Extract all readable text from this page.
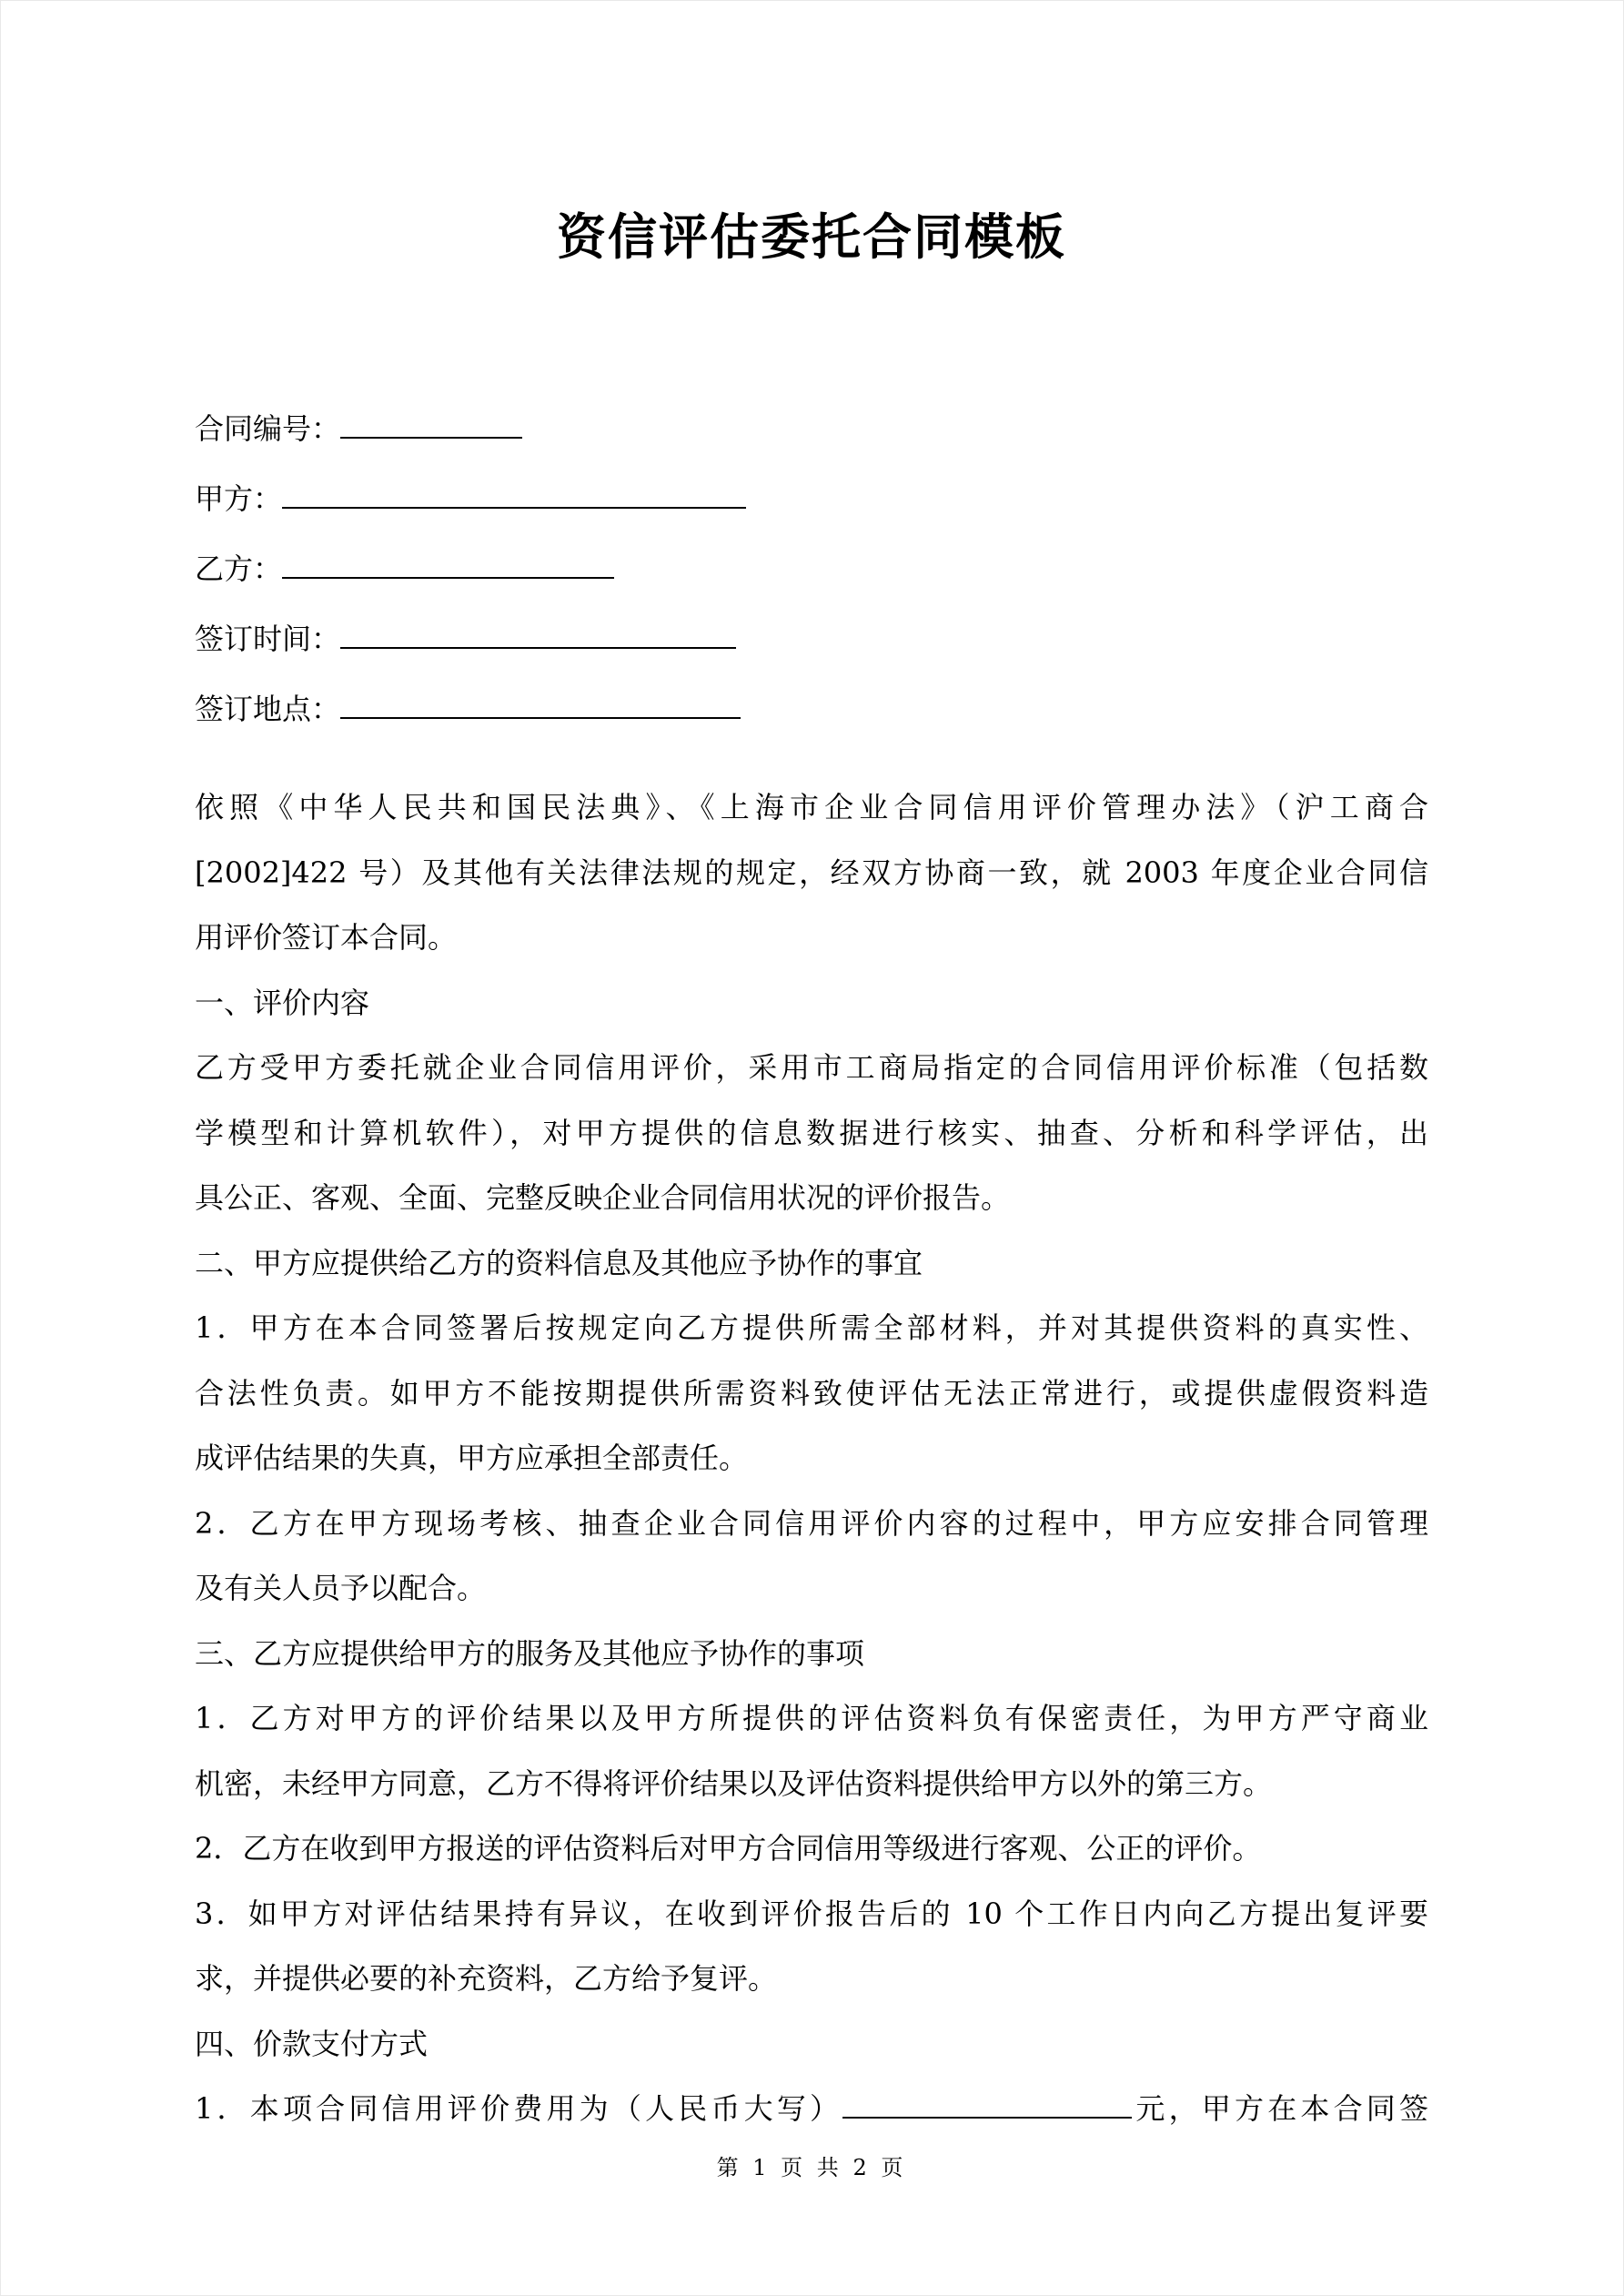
资信评估委托合同模板
合同编号：
甲方：
乙方：
签订时间：
签订地点：
依照《中华人民共和国民法典》、《上海市企业合同信用评价管理办法》（沪工商合
[2002]422 号）及其他有关法律法规的规定，经双方协商一致，就 2003 年度企业合同信
用评价签订本合同。
一、评价内容
乙方受甲方委托就企业合同信用评价，采用市工商局指定的合同信用评价标准（包括数
学模型和计算机软件），对甲方提供的信息数据进行核实、抽查、分析和科学评估，出
具公正、客观、全面、完整反映企业合同信用状况的评价报告。
二、甲方应提供给乙方的资料信息及其他应予协作的事宜
1．甲方在本合同签署后按规定向乙方提供所需全部材料，并对其提供资料的真实性、
合法性负责。如甲方不能按期提供所需资料致使评估无法正常进行，或提供虚假资料造
成评估结果的失真，甲方应承担全部责任。
2．乙方在甲方现场考核、抽查企业合同信用评价内容的过程中，甲方应安排合同管理
及有关人员予以配合。
三、乙方应提供给甲方的服务及其他应予协作的事项
1．乙方对甲方的评价结果以及甲方所提供的评估资料负有保密责任，为甲方严守商业
机密，未经甲方同意，乙方不得将评价结果以及评估资料提供给甲方以外的第三方。
2．乙方在收到甲方报送的评估资料后对甲方合同信用等级进行客观、公正的评价。
3．如甲方对评估结果持有异议，在收到评价报告后的 10 个工作日内向乙方提出复评要
求，并提供必要的补充资料，乙方给予复评。
四、价款支付方式
1．本项合同信用评价费用为（人民币大写）	元，甲方在本合同签
第 1 页 共 2 页
